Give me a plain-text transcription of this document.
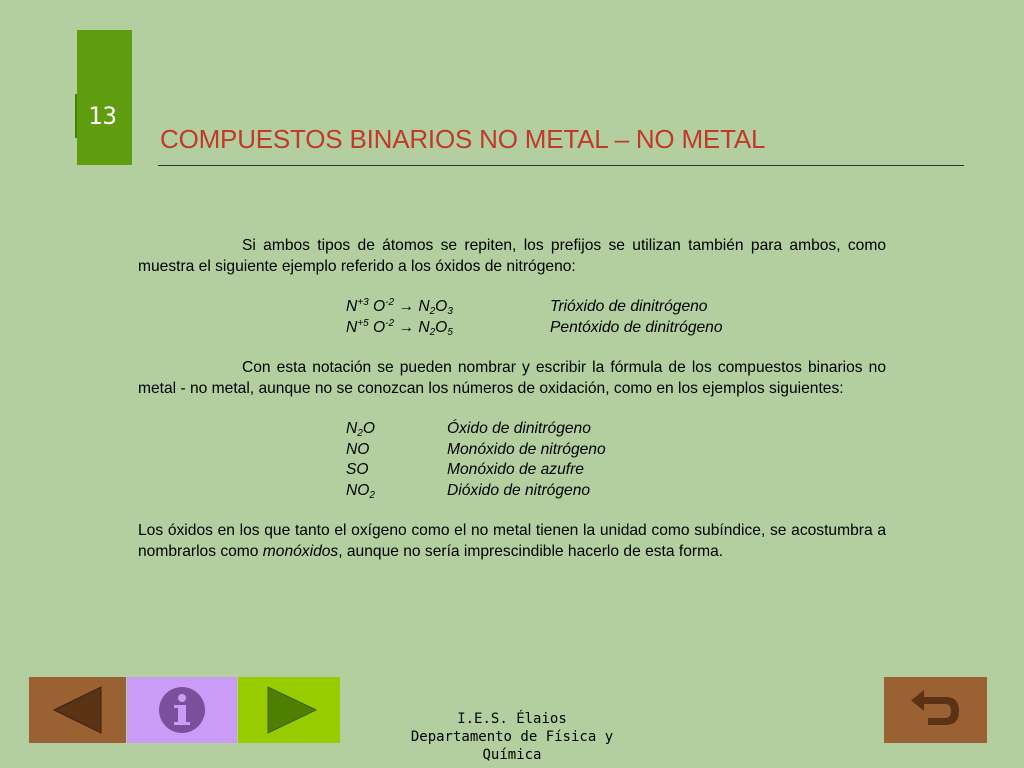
13
COMPUESTOS BINARIOS NO METAL – NO METAL

Si ambos tipos de átomos se repiten, los prefijos se utilizan también para ambos, como muestra el siguiente ejemplo referido a los óxidos de nitrógeno:

$N^{+3}$ $O^{-2} \to N_2O_3$	Trióxido de dinitrógeno
$N^{+5}$ $O^{-2} \to N_2O_5$	Pentóxido de dinitrógeno

Con esta notación se pueden nombrar y escribir la fórmula de los compuestos binarios no metal - no metal, aunque no se conozcan los números de oxidación, como en los ejemplos siguientes:

$N_2O$	Óxido de dinitrógeno
NO	Monóxido de nitrógeno
SO	Monóxido de azufre
$NO_2$	Dióxido de nitrógeno

Los óxidos en los que tanto el oxígeno como el no metal tienen la unidad como subíndice, se acostumbra a nombrarlos como monóxidos, aunque no sería imprescindible hacerlo de esta forma.

I.E.S. Élaios
Departamento de Física y Química
